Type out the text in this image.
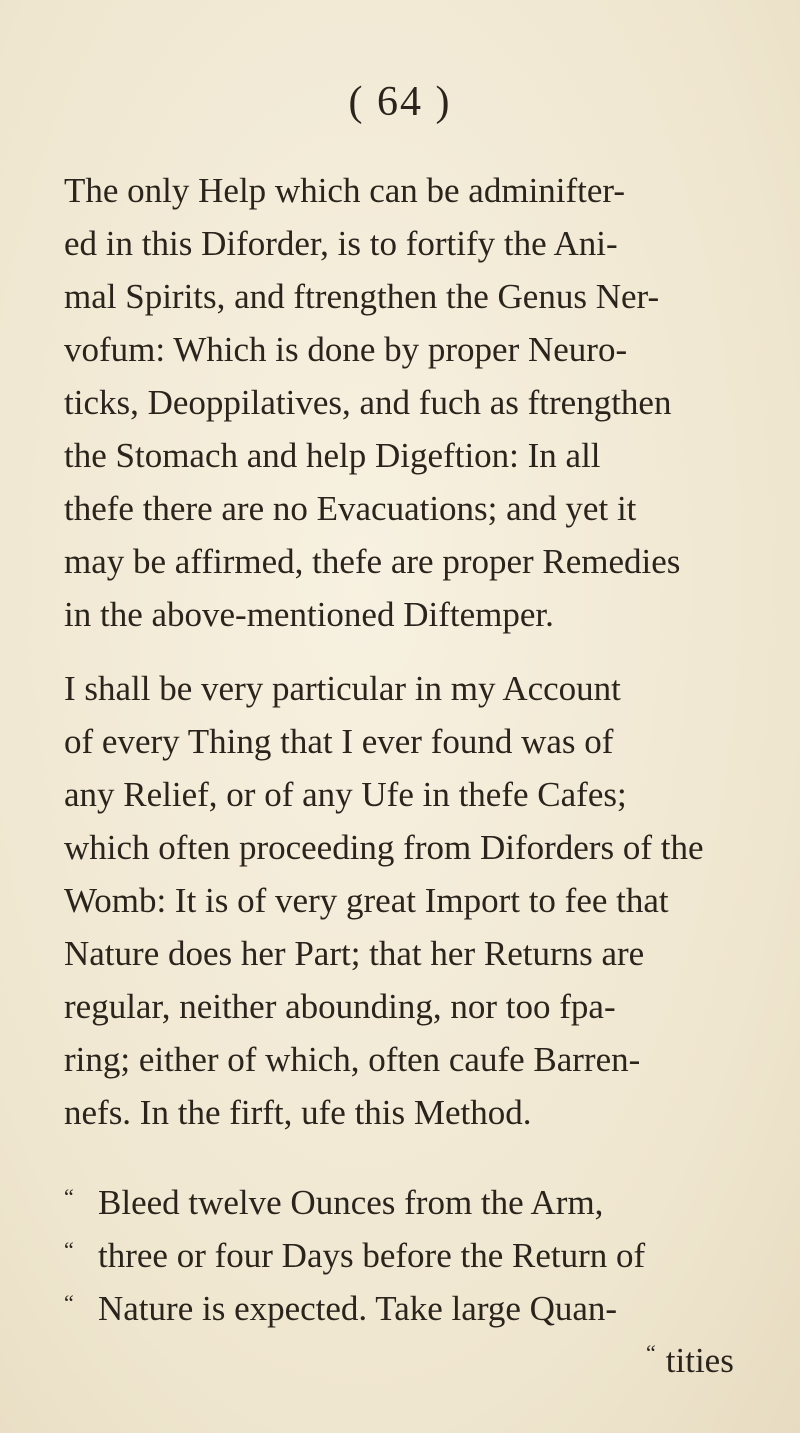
( 64 )
The only Help which can be adminifter-
ed in this Diforder, is to fortify the Ani-
mal Spirits, and ftrengthen the Genus Ner-
vofum: Which is done by proper Neuro-
ticks, Deoppilatives, and fuch as ftrengthen
the Stomach and help Digeftion: In all
thefe there are no Evacuations; and yet it
may be affirmed, thefe are proper Remedies
in the above-mentioned Diftemper.
I shall be very particular in my Account
of every Thing that I ever found was of
any Relief, or of any Ufe in thefe Cafes;
which often proceeding from Diforders of the
Womb: It is of very great Import to fee that
Nature does her Part; that her Returns are
regular, neither abounding, nor too fpa-
ring; either of which, often caufe Barren-
nefs. In the firft, ufe this Method.
“ Bleed twelve Ounces from the Arm,
“ three or four Days before the Return of
“ Nature is expected. Take large Quan-
“ tities
